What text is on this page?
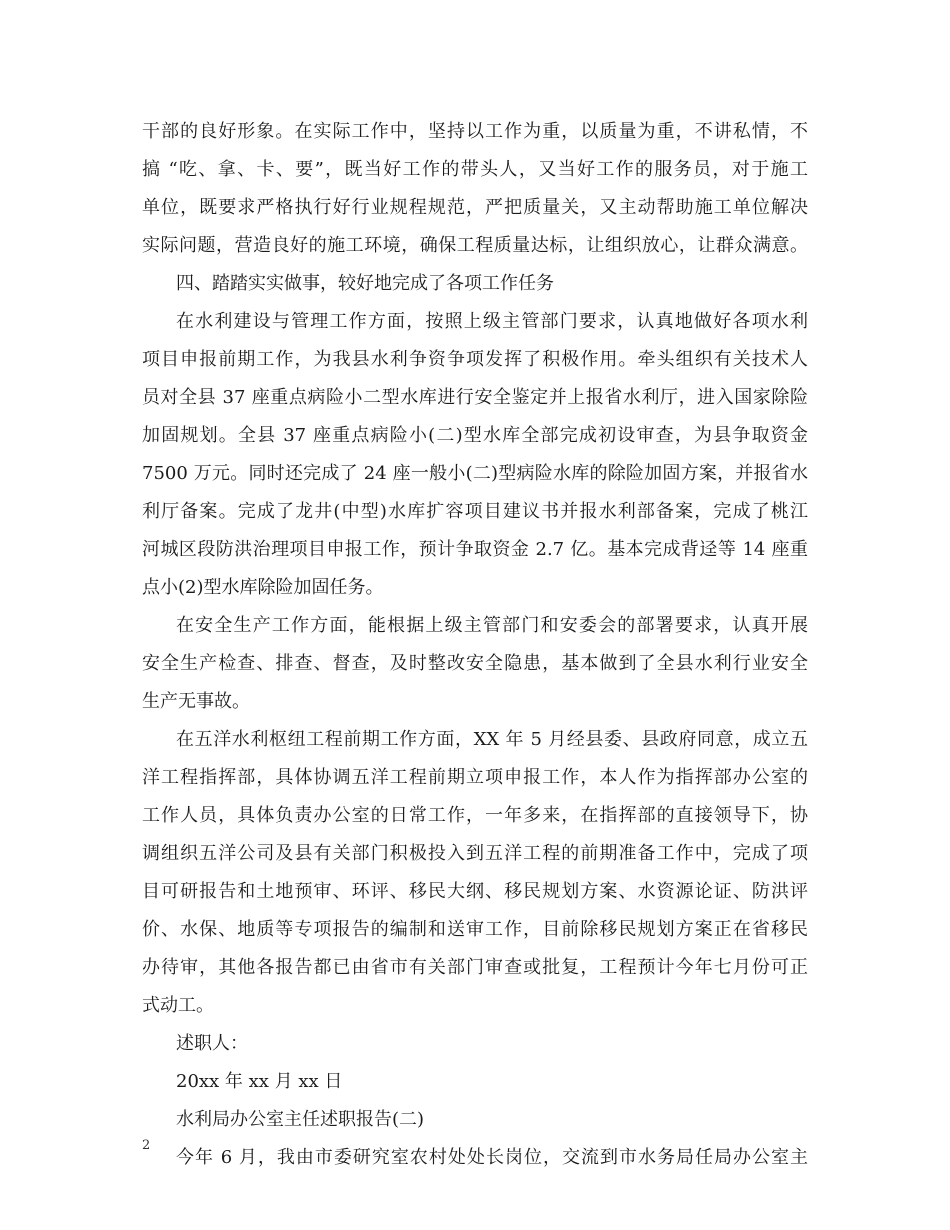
干部的良好形象。在实际工作中，坚持以工作为重，以质量为重，不讲私情，不
搞 “吃、拿、卡、要”，既当好工作的带头人，又当好工作的服务员，对于施工
单位，既要求严格执行好行业规程规范，严把质量关，又主动帮助施工单位解决
实际问题，营造良好的施工环境，确保工程质量达标，让组织放心，让群众满意。
四、踏踏实实做事，较好地完成了各项工作任务
在水利建设与管理工作方面，按照上级主管部门要求，认真地做好各项水利
项目申报前期工作，为我县水利争资争项发挥了积极作用。牵头组织有关技术人
员对全县 37 座重点病险小二型水库进行安全鉴定并上报省水利厅，进入国家除险
加固规划。全县 37 座重点病险小(二)型水库全部完成初设审查，为县争取资金
7500 万元。同时还完成了 24 座一般小(二)型病险水库的除险加固方案，并报省水
利厅备案。完成了龙井(中型)水库扩容项目建议书并报水利部备案，完成了桃江
河城区段防洪治理项目申报工作，预计争取资金 2.7 亿。基本完成背迳等 14 座重
点小(2)型水库除险加固任务。
在安全生产工作方面，能根据上级主管部门和安委会的部署要求，认真开展
安全生产检查、排查、督查，及时整改安全隐患，基本做到了全县水利行业安全
生产无事故。
在五洋水利枢纽工程前期工作方面，XX 年 5 月经县委、县政府同意，成立五
洋工程指挥部，具体协调五洋工程前期立项申报工作，本人作为指挥部办公室的
工作人员，具体负责办公室的日常工作，一年多来，在指挥部的直接领导下，协
调组织五洋公司及县有关部门积极投入到五洋工程的前期准备工作中，完成了项
目可研报告和土地预审、环评、移民大纲、移民规划方案、水资源论证、防洪评
价、水保、地质等专项报告的编制和送审工作，目前除移民规划方案正在省移民
办待审，其他各报告都已由省市有关部门审查或批复，工程预计今年七月份可正
式动工。
述职人：
20xx 年 xx 月 xx 日
水利局办公室主任述职报告(二)
今年 6 月，我由市委研究室农村处处长岗位，交流到市水务局任局办公室主
2
